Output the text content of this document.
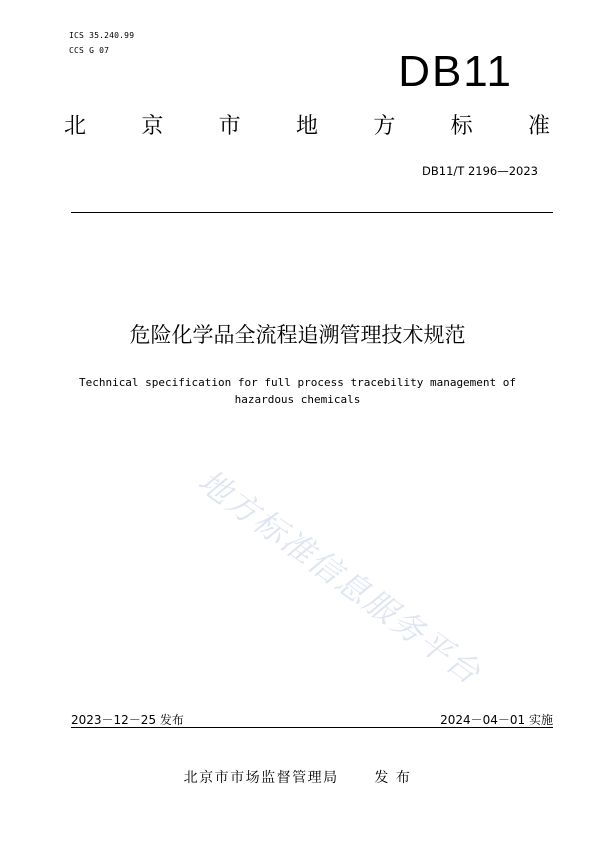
ICS 35.240.99
CCS G 07	DB11
北	京	市	地	方	标	准
DB11/T 2196—2023
危险化学品全流程追溯管理技术规范
Technical specification for full process tracebility management of hazardous chemicals
地方标准信息服务平台
2023－12－25 发布	2024－04－01 实施
北京市市场监督管理局      发 布
